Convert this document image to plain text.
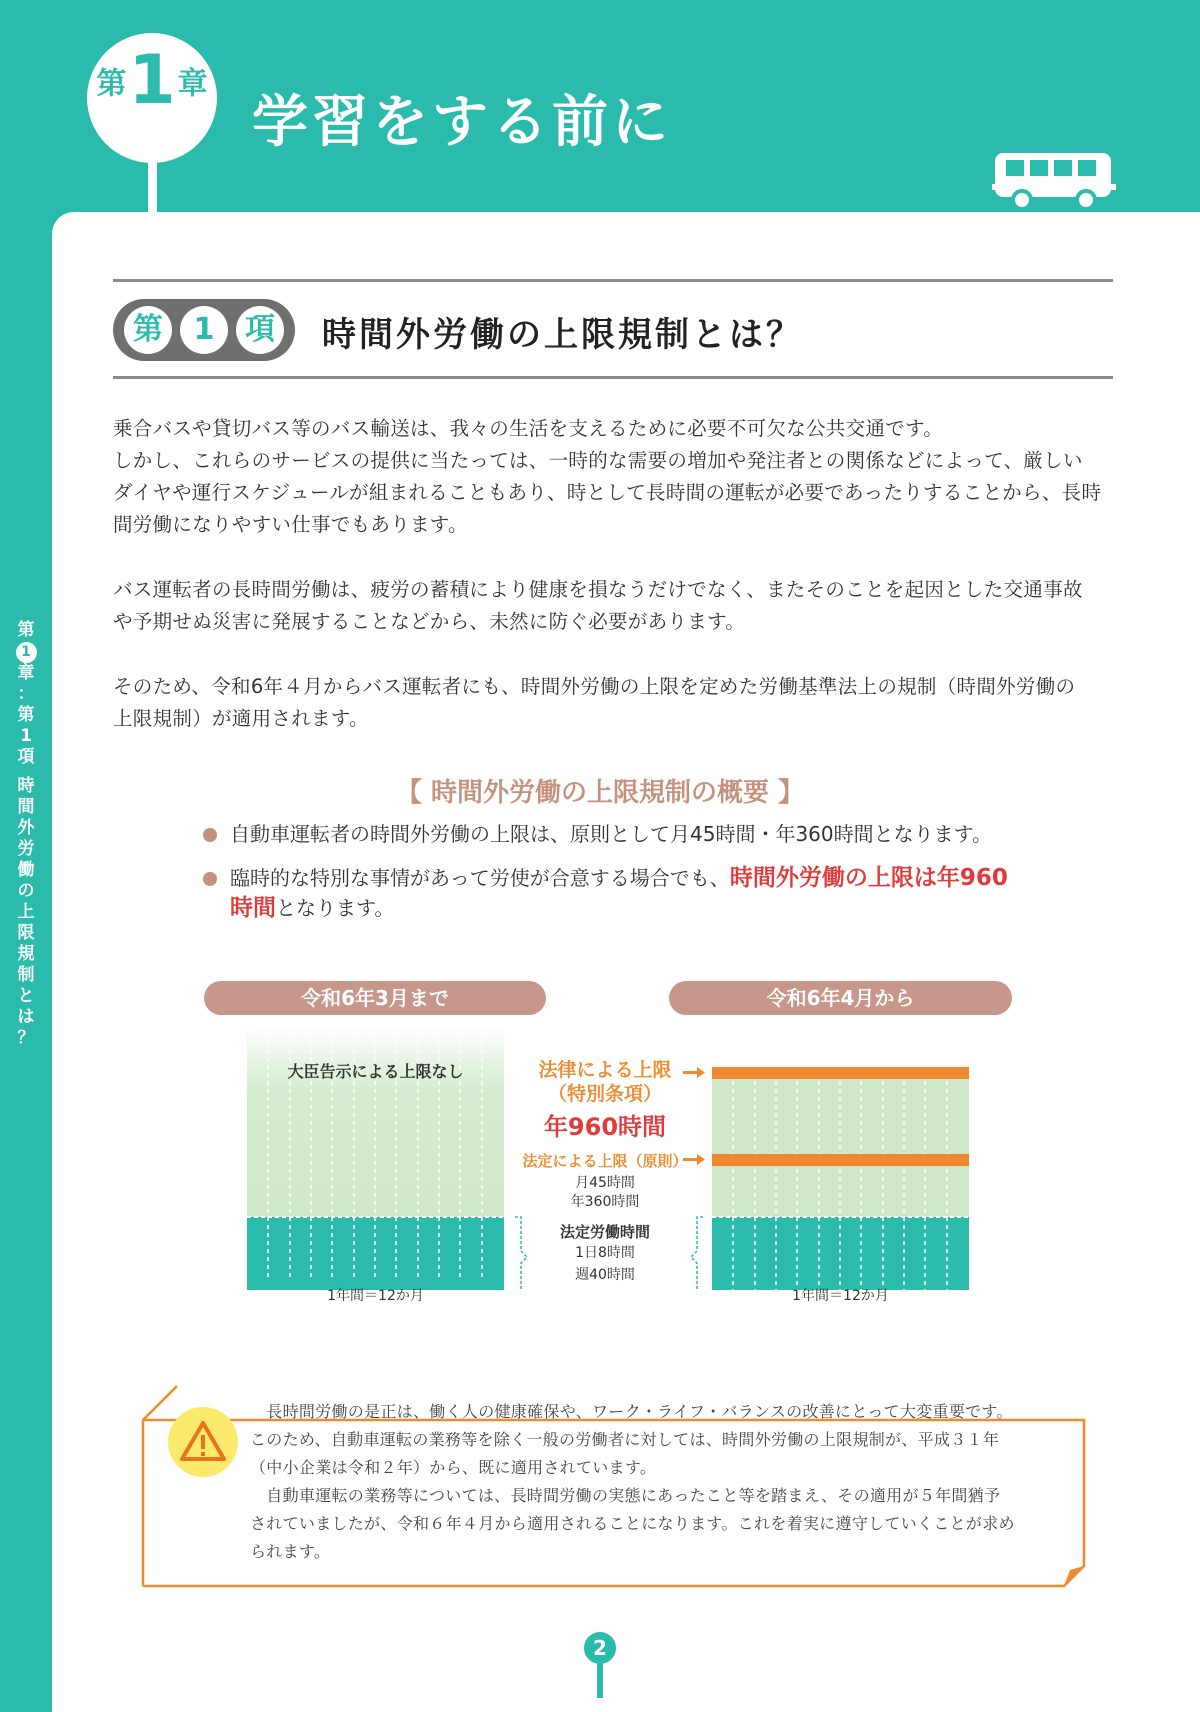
第1章
学習をする前に
第
1
章
：
第
1
項
時
間
外
労
働
の
上
限
規
制
と
は
？
第	1	項 時間外労働の上限規制とは？
乗合バスや貸切バス等のバス輸送は、我々の生活を支えるために必要不可欠な公共交通です。
しかし、これらのサービスの提供に当たっては、一時的な需要の増加や発注者との関係などによって、厳しい
ダイヤや運行スケジュールが組まれることもあり、時として長時間の運転が必要であったりすることから、長時
間労働になりやすい仕事でもあります。
バス運転者の長時間労働は、疲労の蓄積により健康を損なうだけでなく、またそのことを起因とした交通事故
や予期せぬ災害に発展することなどから、未然に防ぐ必要があります。
そのため、令和6年４月からバス運転者にも、時間外労働の上限を定めた労働基準法上の規制（時間外労働の
上限規制）が適用されます。
【 時間外労働の上限規制の概要 】
自動車運転者の時間外労働の上限は、原則として月45時間・年360時間となります。
臨時的な特別な事情があって労使が合意する場合でも、時間外労働の上限は年960
時間となります。
令和6年3月まで	令和6年4月から
大臣告示による上限なし	法律による上限
（特別条項）
年960時間
法定による上限（原則）
月45時間
年360時間
法定労働時間
1日8時間
週40時間
1年間＝12か月	1年間＝12か月
　長時間労働の是正は、働く人の健康確保や、ワーク・ライフ・バランスの改善にとって大変重要です。
このため、自動車運転の業務等を除く一般の労働者に対しては、時間外労働の上限規制が、平成３１年
（中小企業は令和２年）から、既に適用されています。
　自動車運転の業務等については、長時間労働の実態にあったこと等を踏まえ、その適用が５年間猶予
されていましたが、令和６年４月から適用されることになります。これを着実に遵守していくことが求め
られます。
2
